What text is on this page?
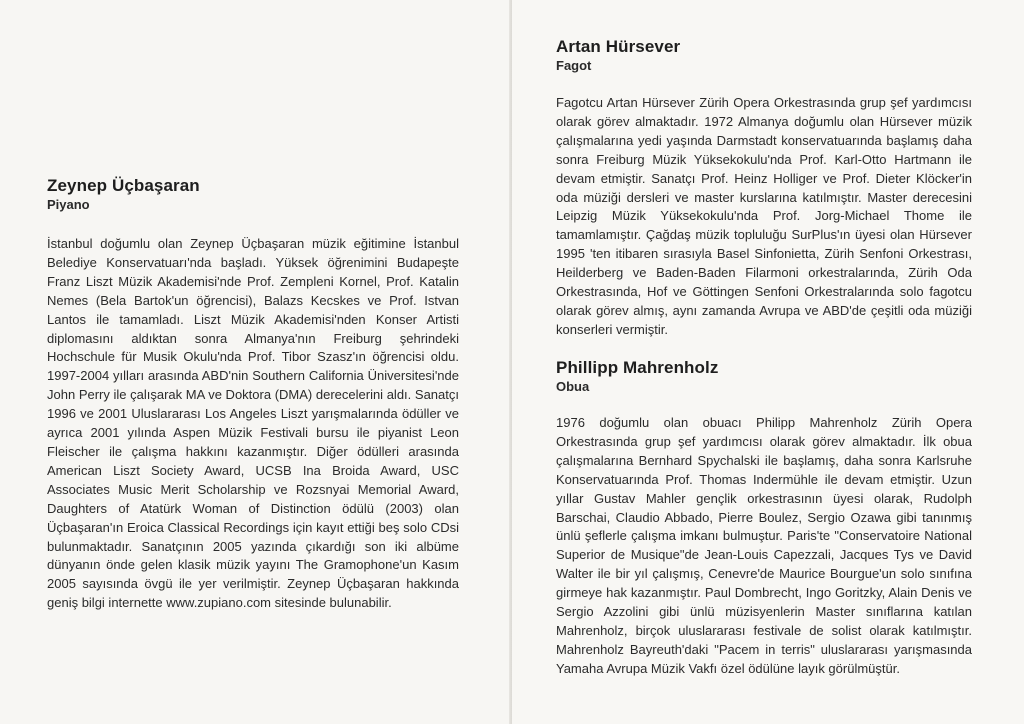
Zeynep Üçbaşaran
Piyano

İstanbul doğumlu olan Zeynep Üçbaşaran müzik eğitimine İstanbul Belediye Konservatuarı'nda başladı. Yüksek öğrenimini Budapeşte Franz Liszt Müzik Akademisi'nde Prof. Zempleni Kornel, Prof. Katalin Nemes (Bela Bartok'un öğrencisi), Balazs Kecskes ve Prof. Istvan Lantos ile tamamladı. Liszt Müzik Akademisi'nden Konser Artisti diplomasını aldıktan sonra Almanya'nın Freiburg şehrindeki Hochschule für Musik Okulu'nda Prof. Tibor Szasz'ın öğrencisi oldu. 1997-2004 yılları arasında ABD'nin Southern California Üniversitesi'nde John Perry ile çalışarak MA ve Doktora (DMA) derecelerini aldı. Sanatçı 1996 ve 2001 Uluslararası Los Angeles Liszt yarışmalarında ödüller ve ayrıca 2001 yılında Aspen Müzik Festivali bursu ile piyanist Leon Fleischer ile çalışma hakkını kazanmıştır. Diğer ödülleri arasında American Liszt Society Award, UCSB Ina Broida Award, USC Associates Music Merit Scholarship ve Rozsnyai Memorial Award, Daughters of Atatürk Woman of Distinction ödülü (2003) olan Üçbaşaran'ın Eroica Classical Recordings için kayıt ettiği beş solo CDsi bulunmaktadır. Sanatçının 2005 yazında çıkardığı son iki albüme dünyanın önde gelen klasik müzik yayını The Gramophone'un Kasım 2005 sayısında övgü ile yer verilmiştir. Zeynep Üçbaşaran hakkında geniş bilgi internette www.zupiano.com sitesinde bulunabilir.

Artan Hürsever
Fagot

Fagotcu Artan Hürsever Zürih Opera Orkestrasında grup şef yardımcısı olarak görev almaktadır. 1972 Almanya doğumlu olan Hürsever müzik çalışmalarına yedi yaşında Darmstadt konservatuarında başlamış daha sonra Freiburg Müzik Yüksekokulu'nda Prof. Karl-Otto Hartmann ile devam etmiştir. Sanatçı Prof. Heinz Holliger ve Prof. Dieter Klöcker'in oda müziği dersleri ve master kurslarına katılmıştır. Master derecesini Leipzig Müzik Yüksekokulu'nda Prof. Jorg-Michael Thome ile tamamlamıştır. Çağdaş müzik topluluğu SurPlus'ın üyesi olan Hürsever 1995 'ten itibaren sırasıyla Basel Sinfonietta, Zürih Senfoni Orkestrası, Heilderberg ve Baden-Baden Filarmoni orkestralarında, Zürih Oda Orkestrasında, Hof ve Göttingen Senfoni Orkestralarında solo fagotcu olarak görev almış, aynı zamanda Avrupa ve ABD'de çeşitli oda müziği konserleri vermiştir.

Phillipp Mahrenholz
Obua

1976 doğumlu olan obuacı Philipp Mahrenholz Zürih Opera Orkestrasında grup şef yardımcısı olarak görev almaktadır. İlk obua çalışmalarına Bernhard Spychalski ile başlamış, daha sonra Karlsruhe Konservatuarında Prof. Thomas Indermühle ile devam etmiştir. Uzun yıllar Gustav Mahler gençlik orkestrasının üyesi olarak, Rudolph Barschai, Claudio Abbado, Pierre Boulez, Sergio Ozawa gibi tanınmış ünlü şeflerle çalışma imkanı bulmuştur. Paris'te "Conservatoire National Superior de Musique"de Jean-Louis Capezzali, Jacques Tys ve David Walter ile bir yıl çalışmış, Cenevre'de Maurice Bourgue'un solo sınıfına girmeye hak kazanmıştır. Paul Dombrecht, Ingo Goritzky, Alain Denis ve Sergio Azzolini gibi ünlü müzisyenlerin Master sınıflarına katılan Mahrenholz, birçok uluslararası festivale de solist olarak katılmıştır. Mahrenholz Bayreuth'daki "Pacem in terris" uluslararası yarışmasında Yamaha Avrupa Müzik Vakfı özel ödülüne layık görülmüştür.
